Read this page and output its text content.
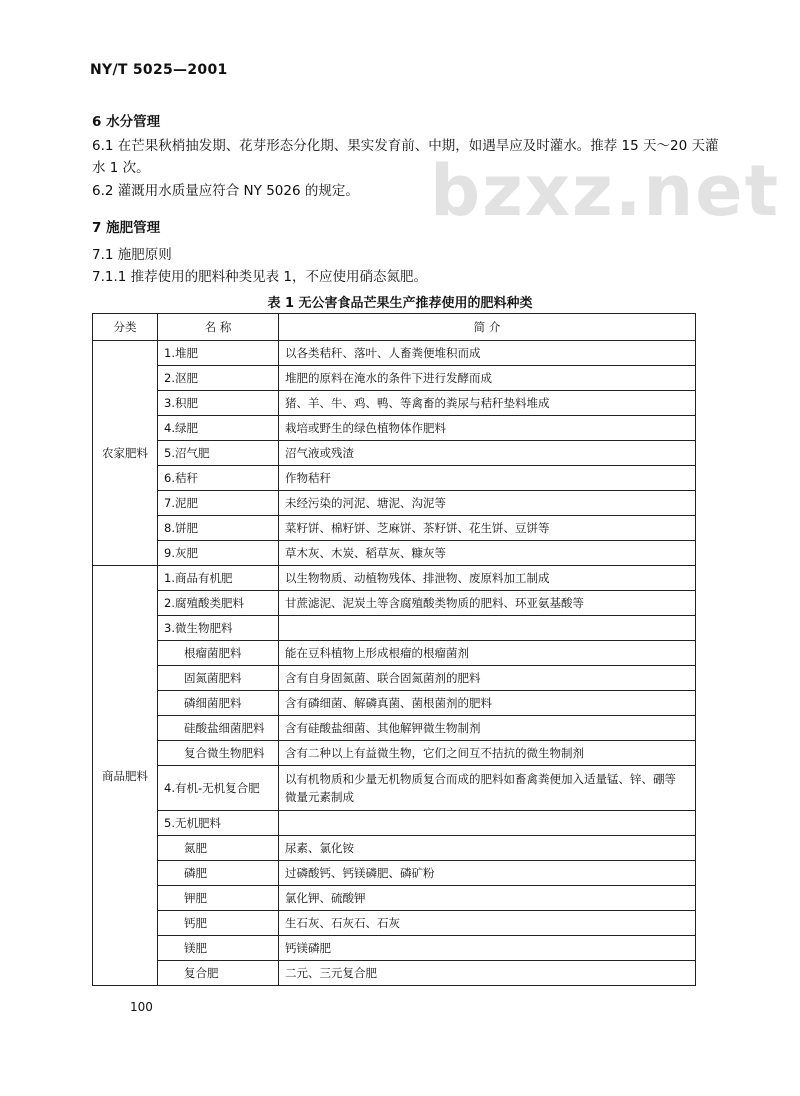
NY/T 5025—2001
bzxz.net
6 水分管理
6.1 在芒果秋梢抽发期、花芽形态分化期、果实发育前、中期，如遇旱应及时灌水。推荐 15 天～20 天灌
水 1 次。
6.2 灌溉用水质量应符合 NY 5026 的规定。
7 施肥管理
7.1 施肥原则
7.1.1 推荐使用的肥料种类见表 1，不应使用硝态氮肥。
表 1 无公害食品芒果生产推荐使用的肥料种类
分类	名 称	简 介
农家肥料	1.堆肥	以各类秸秆、落叶、人畜粪便堆积而成
	2.沤肥	堆肥的原料在淹水的条件下进行发酵而成
	3.积肥	猪、羊、牛、鸡、鸭、等禽畜的粪尿与秸秆垫料堆成
	4.绿肥	栽培或野生的绿色植物体作肥料
	5.沼气肥	沼气液或残渣
	6.秸秆	作物秸秆
	7.泥肥	未经污染的河泥、塘泥、沟泥等
	8.饼肥	菜籽饼、棉籽饼、芝麻饼、茶籽饼、花生饼、豆饼等
	9.灰肥	草木灰、木炭、稻草灰、糠灰等
商品肥料	1.商品有机肥	以生物物质、动植物残体、排泄物、废原料加工制成
	2.腐殖酸类肥料	甘蔗滤泥、泥炭土等含腐殖酸类物质的肥料、环亚氨基酸等
	3.微生物肥料	
	根瘤菌肥料	能在豆科植物上形成根瘤的根瘤菌剂
	固氮菌肥料	含有自身固氮菌、联合固氮菌剂的肥料
	磷细菌肥料	含有磷细菌、解磷真菌、菌根菌剂的肥料
	硅酸盐细菌肥料	含有硅酸盐细菌、其他解钾微生物制剂
	复合微生物肥料	含有二种以上有益微生物，它们之间互不拮抗的微生物制剂
	4.有机-无机复合肥	以有机物质和少量无机物质复合而成的肥料如畜禽粪便加入适量锰、锌、硼等
微量元素制成

	5.无机肥料	
	氮肥	尿素、氯化铵
	磷肥	过磷酸钙、钙镁磷肥、磷矿粉
	钾肥	氯化钾、硫酸钾
	钙肥	生石灰、石灰石、石灰
	镁肥	钙镁磷肥
	复合肥	二元、三元复合肥
100
